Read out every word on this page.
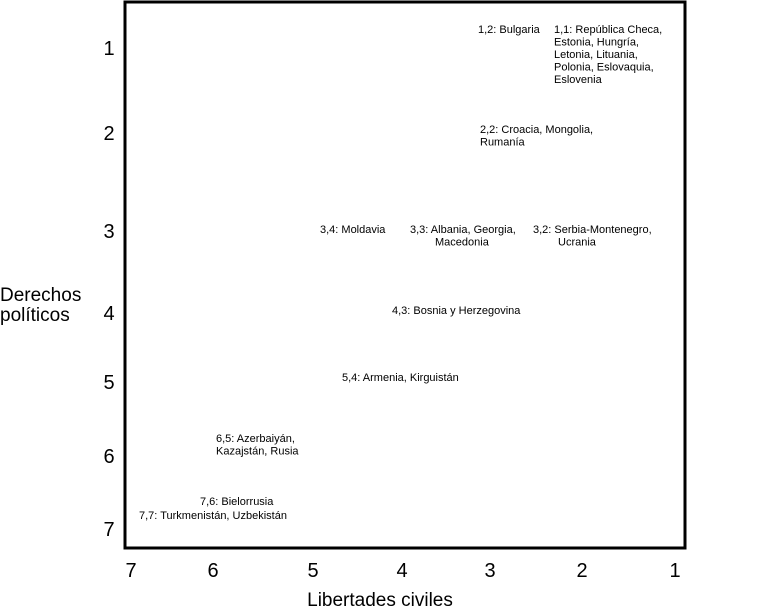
7	6	5	4	3	2	1
1
2
3
4
5
6
7
Libertades civiles
Derechos
políticos
1,2: Bulgaria 1,1: República Checa,
Estonia, Hungría,
Letonia, Lituania,
Polonia, Eslovaquia,
Eslovenia
2,2: Croacia, Mongolia,
Rumanía
3,4: Moldavia 3,3: Albania, Georgia,
Macedonia
3,2: Serbia-Montenegro,
Ucrania
4,3: Bosnia y Herzegovina
5,4: Armenia, Kirguistán
6,5: Azerbaiyán,
Kazajstán, Rusia
7,6: Bielorrusia
7,7: Turkmenistán, Uzbekistán
